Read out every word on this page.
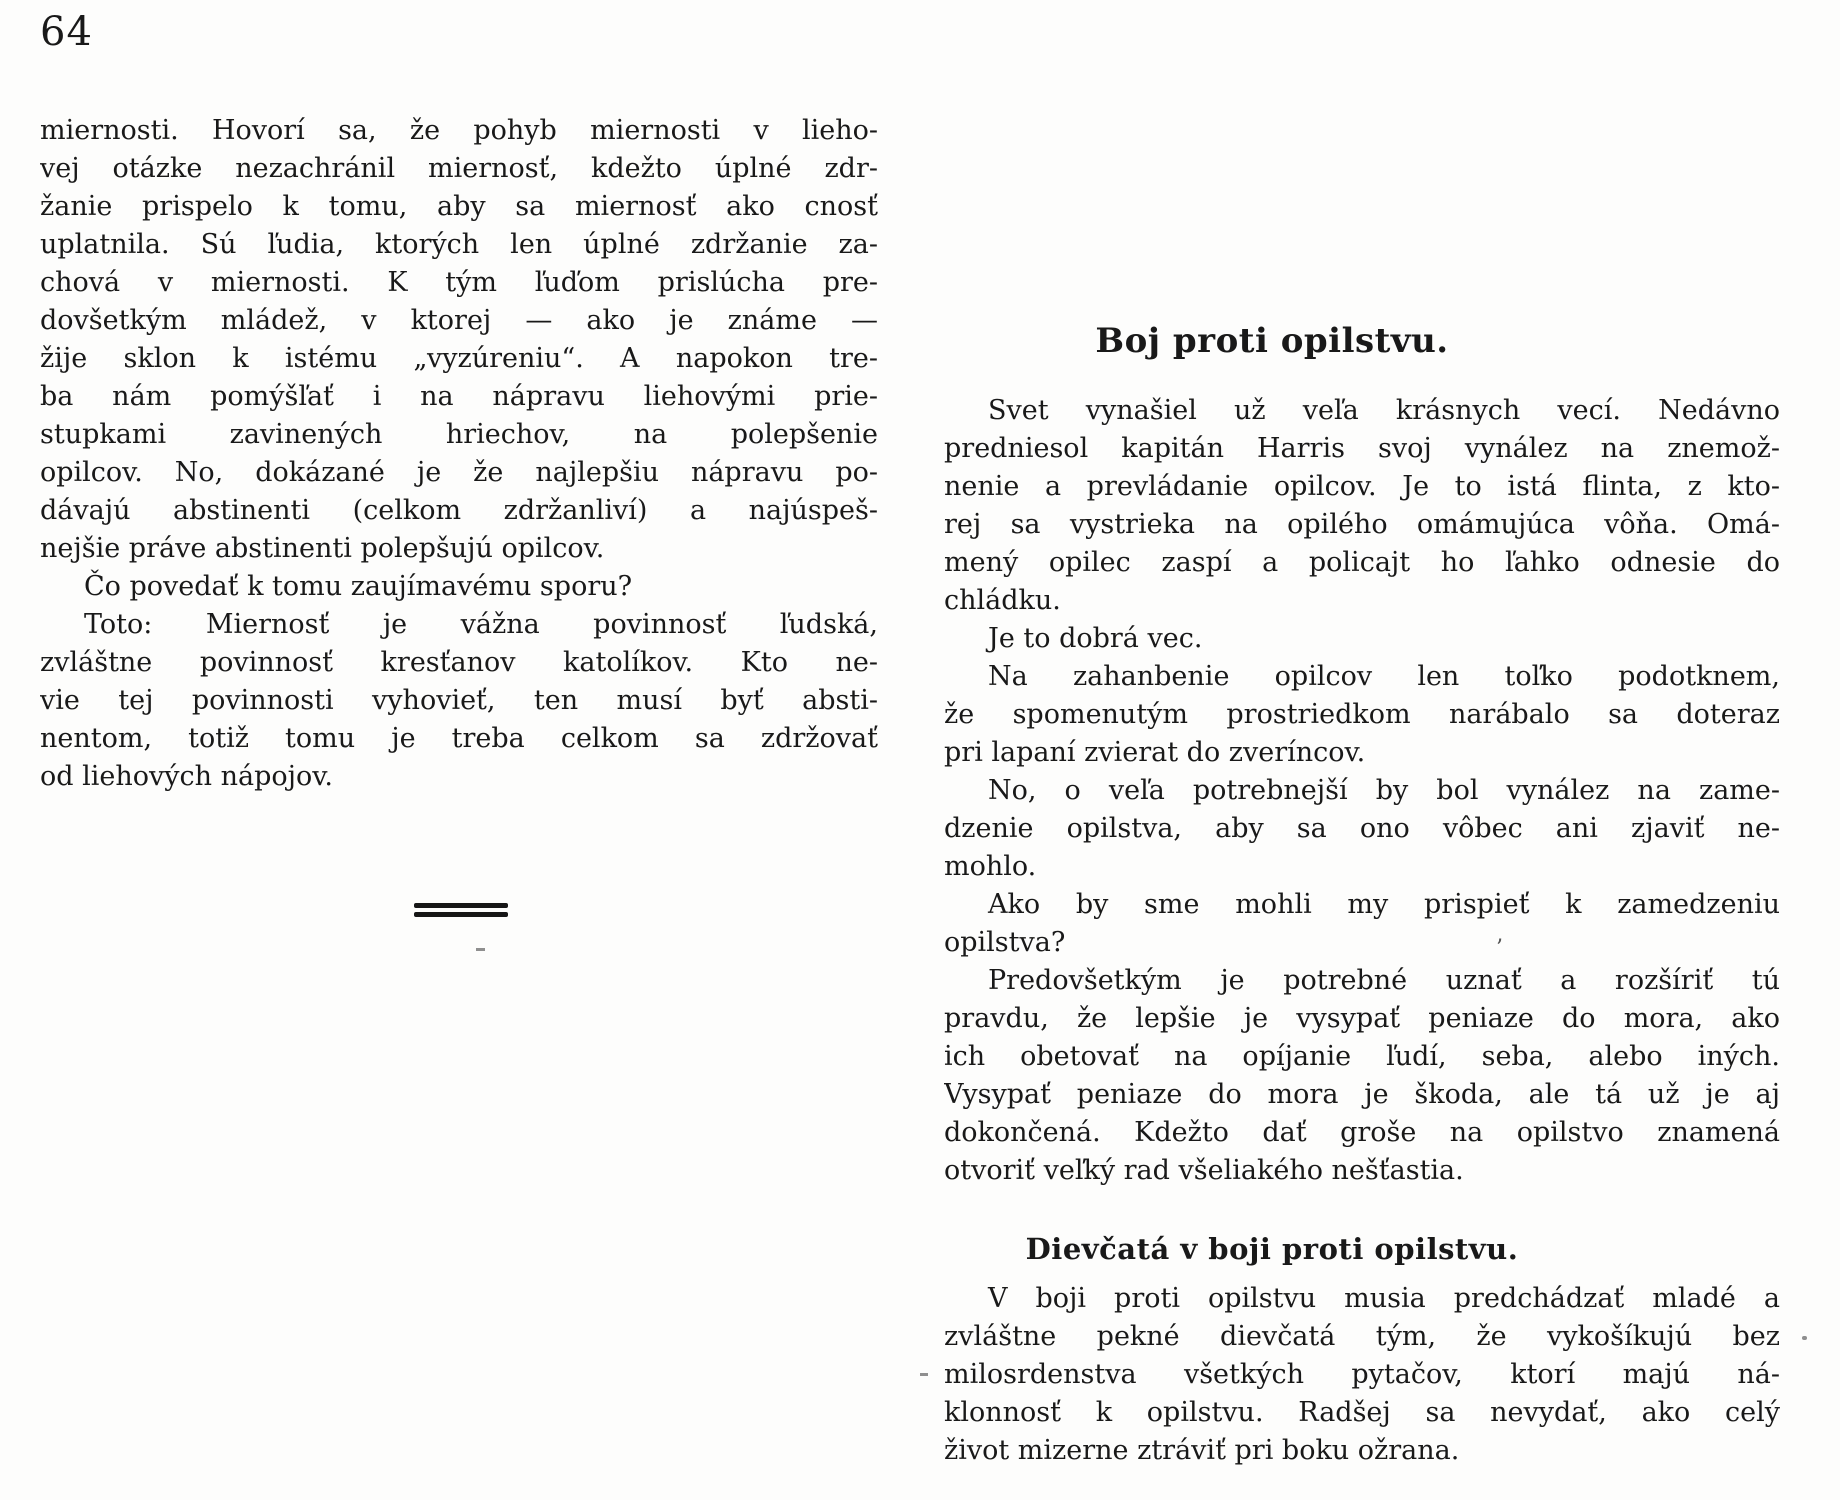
64
miernosti. Hovorí sa, že pohyb miernosti v lieho-
vej otázke nezachránil miernosť, kdežto úplné zdr-
žanie prispelo k tomu, aby sa miernosť ako cnosť
uplatnila. Sú ľudia, ktorých len úplné zdržanie za-
chová v miernosti. K tým ľuďom prislúcha pre-
dovšetkým mládež, v ktorej — ako je známe —
žije sklon k istému „vyzúreniu“. A napokon tre-
ba nám pomýšľať i na nápravu liehovými prie-
stupkami zavinených hriechov, na polepšenie
opilcov. No, dokázané je že najlepšiu nápravu po-
dávajú abstinenti (celkom zdržanliví) a najúspeš-
nejšie práve abstinenti polepšujú opilcov.
Čo povedať k tomu zaujímavému sporu?
Toto: Miernosť je vážna povinnosť ľudská,
zvláštne povinnosť kresťanov katolíkov. Kto ne-
vie tej povinnosti vyhovieť, ten musí byť absti-
nentom, totiž tomu je treba celkom sa zdržovať
od liehových nápojov.
Boj proti opilstvu.
Svet vynašiel už veľa krásnych vecí. Nedávno
predniesol kapitán Harris svoj vynález na znemož-
nenie a prevládanie opilcov. Je to istá flinta, z kto-
rej sa vystrieka na opilého omámujúca vôňa. Omá-
mený opilec zaspí a policajt ho ľahko odnesie do
chládku.
Je to dobrá vec.
Na zahanbenie opilcov len toľko podotknem,
že spomenutým prostriedkom narábalo sa doteraz
pri lapaní zvierat do zveríncov.
No, o veľa potrebnejší by bol vynález na zame-
dzenie opilstva, aby sa ono vôbec ani zjaviť ne-
mohlo.
Ako by sme mohli my prispieť k zamedzeniu
opilstva?
Predovšetkým je potrebné uznať a rozšíriť tú
pravdu, že lepšie je vysypať peniaze do mora, ako
ich obetovať na opíjanie ľudí, seba, alebo iných.
Vysypať peniaze do mora je škoda, ale tá už je aj
dokončená. Kdežto dať groše na opilstvo znamená
otvoriť veľký rad všeliakého nešťastia.
Dievčatá v boji proti opilstvu.
V boji proti opilstvu musia predchádzať mladé a
zvláštne pekné dievčatá tým, že vykošíkujú bez
milosrdenstva všetkých pytačov, ktorí majú ná-
klonnosť k opilstvu. Radšej sa nevydať, ako celý
život mizerne ztráviť pri boku ožrana.
’
